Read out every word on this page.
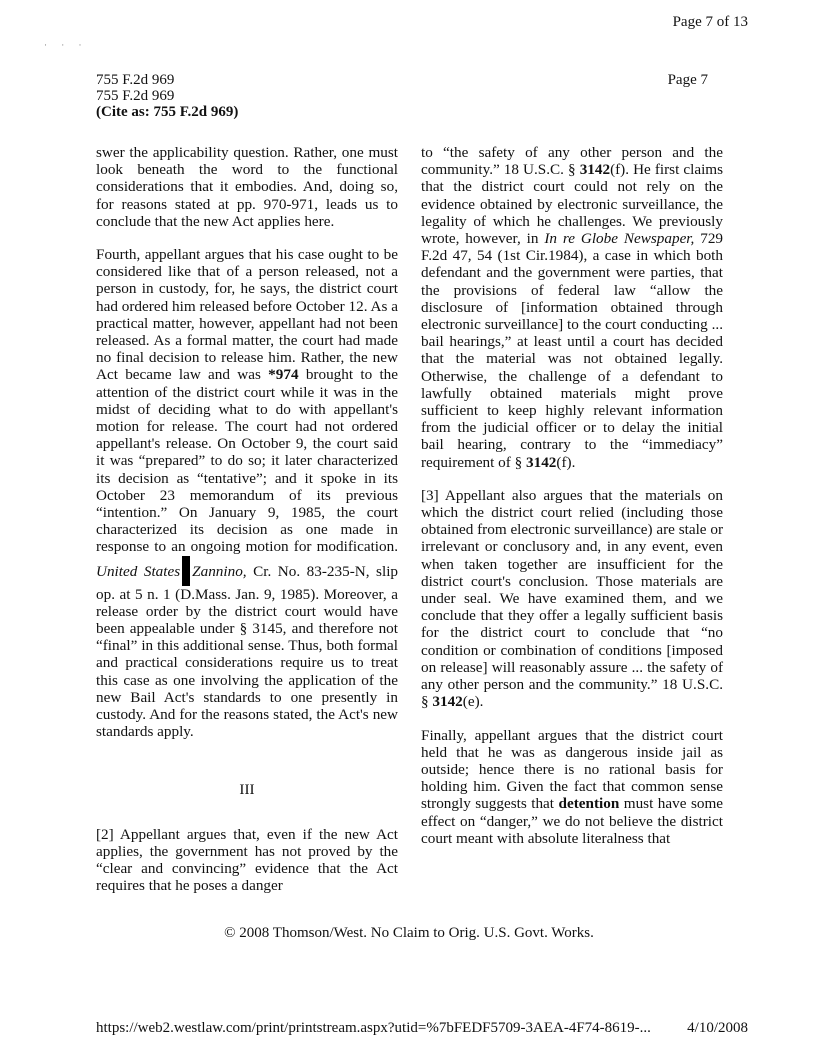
Page 7 of 13
· · ·
755 F.2d 969
755 F.2d 969
(Cite as: 755 F.2d 969)
Page 7

swer the applicability question. Rather, one must look beneath the word to the functional considerations that it embodies. And, doing so, for reasons stated at pp. 970-971, leads us to conclude that the new Act applies here.

Fourth, appellant argues that his case ought to be considered like that of a person released, not a person in custody, for, he says, the district court had ordered him released before October 12. As a practical matter, however, appellant had not been released. As a formal matter, the court had made no final decision to release him. Rather, the new Act became law and was *974 brought to the attention of the district court while it was in the midst of deciding what to do with appellant's motion for release. The court had not ordered appellant's release. On October 9, the court said it was “prepared” to do so; it later characterized its decision as “tentative”; and it spoke in its October 23 memorandum of its previous “intention.” On January 9, 1985, the court characterized its decision as one made in response to an ongoing motion for modification. United States Zannino, Cr. No. 83-235-N, slip op. at 5 n. 1 (D.Mass. Jan. 9, 1985). Moreover, a release order by the district court would have been appealable under § 3145, and therefore not “final” in this additional sense. Thus, both formal and practical considerations require us to treat this case as one involving the application of the new Bail Act's standards to one presently in custody. And for the reasons stated, the Act's new standards apply.

III

[2] Appellant argues that, even if the new Act applies, the government has not proved by the “clear and convincing” evidence that the Act requires that he poses a danger

to “the safety of any other person and the community.” 18 U.S.C. § 3142(f). He first claims that the district court could not rely on the evidence obtained by electronic surveillance, the legality of which he challenges. We previously wrote, however, in In re Globe Newspaper, 729 F.2d 47, 54 (1st Cir.1984), a case in which both defendant and the government were parties, that the provisions of federal law “allow the disclosure of [information obtained through electronic surveillance] to the court conducting ... bail hearings,” at least until a court has decided that the material was not obtained legally. Otherwise, the challenge of a defendant to lawfully obtained materials might prove sufficient to keep highly relevant information from the judicial officer or to delay the initial bail hearing, contrary to the “immediacy” requirement of § 3142(f).

[3] Appellant also argues that the materials on which the district court relied (including those obtained from electronic surveillance) are stale or irrelevant or conclusory and, in any event, even when taken together are insufficient for the district court's conclusion. Those materials are under seal. We have examined them, and we conclude that they offer a legally sufficient basis for the district court to conclude that “no condition or combination of conditions [imposed on release] will reasonably assure ... the safety of any other person and the community.” 18 U.S.C. § 3142(e).

Finally, appellant argues that the district court held that he was as dangerous inside jail as outside; hence there is no rational basis for holding him. Given the fact that common sense strongly suggests that detention must have some effect on “danger,” we do not believe the district court meant with absolute literalness that

© 2008 Thomson/West. No Claim to Orig. U.S. Govt. Works.
https://web2.westlaw.com/print/printstream.aspx?utid=%7bFEDF5709-3AEA-4F74-8619-... 4/10/2008
